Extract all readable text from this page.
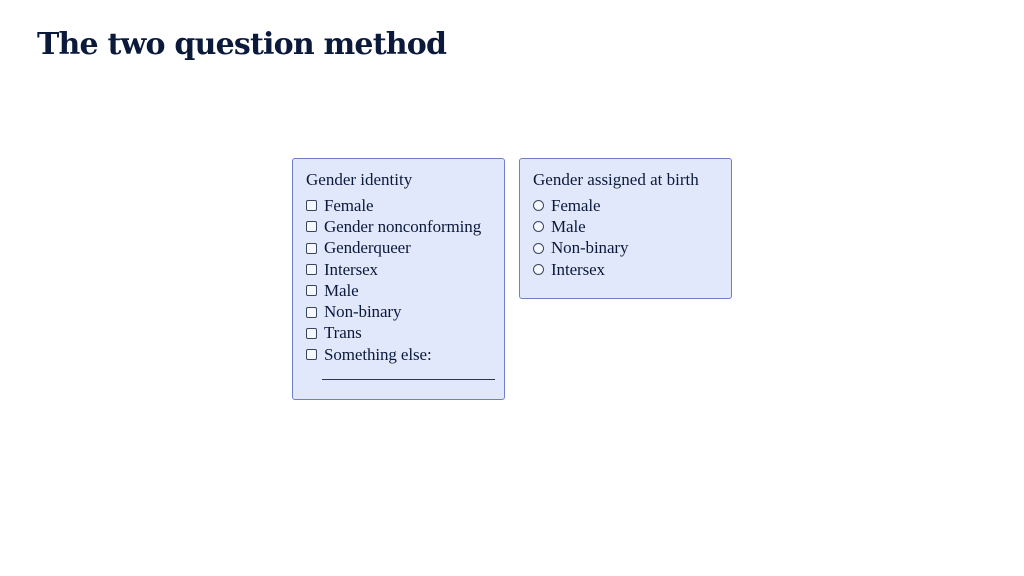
The two question method
Gender identity
Female
Gender nonconforming
Genderqueer
Intersex
Male
Non-binary
Trans
Something else:
Gender assigned at birth
Female
Male
Non-binary
Intersex
